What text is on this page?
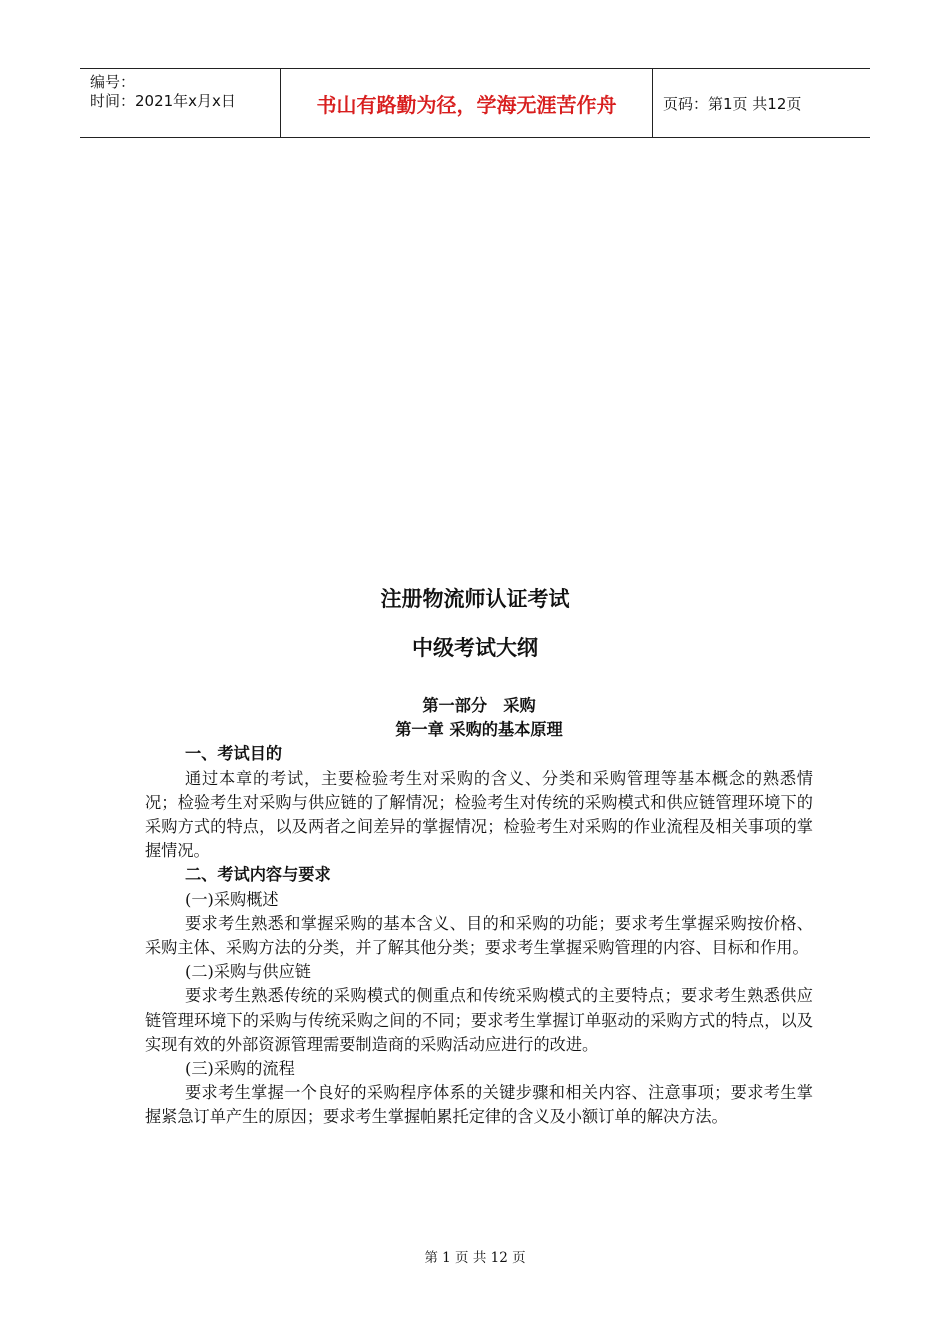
编号：
时间：2021年x月x日	书山有路勤为径，学海无涯苦作舟	页码：第1页 共12页
注册物流师认证考试
中级考试大纲
第一部分　采购
第一章 采购的基本原理
一、考试目的
通过本章的考试，主要检验考生对采购的含义、分类和采购管理等基本概念的熟悉情况；检验考生对采购与供应链的了解情况；检验考生对传统的采购模式和供应链管理环境下的采购方式的特点，以及两者之间差异的掌握情况；检验考生对采购的作业流程及相关事项的掌握情况。
二、考试内容与要求
(一)采购概述
要求考生熟悉和掌握采购的基本含义、目的和采购的功能；要求考生掌握采购按价格、采购主体、采购方法的分类，并了解其他分类；要求考生掌握采购管理的内容、目标和作用。
(二)采购与供应链
要求考生熟悉传统的采购模式的侧重点和传统采购模式的主要特点；要求考生熟悉供应链管理环境下的采购与传统采购之间的不同；要求考生掌握订单驱动的采购方式的特点，以及实现有效的外部资源管理需要制造商的采购活动应进行的改进。
(三)采购的流程
要求考生掌握一个良好的采购程序体系的关键步骤和相关内容、注意事项；要求考生掌握紧急订单产生的原因；要求考生掌握帕累托定律的含义及小额订单的解决方法。
第 1 页 共 12 页
